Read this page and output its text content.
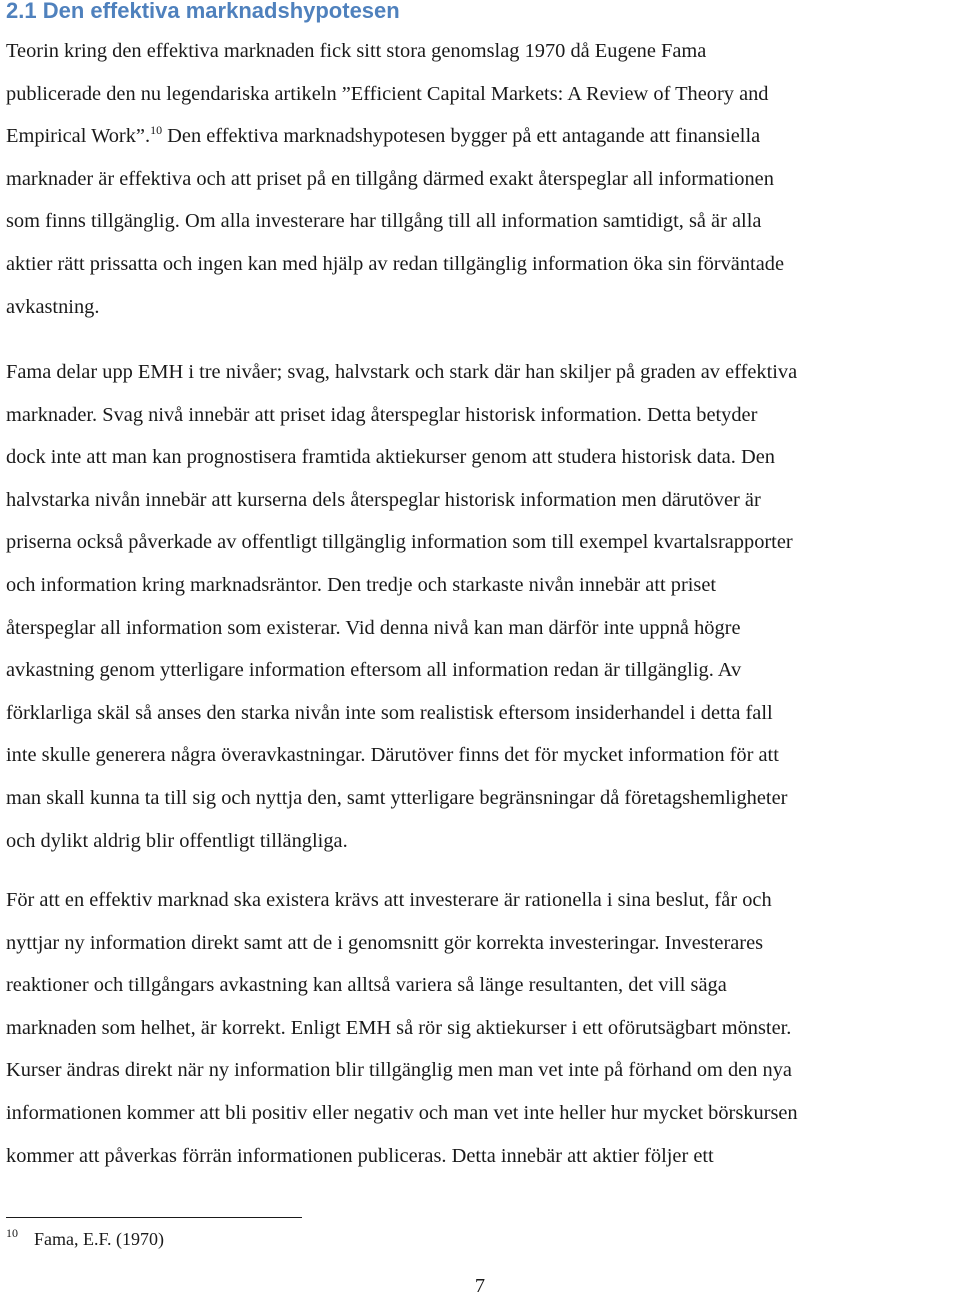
2.1 Den effektiva marknadshypotesen
Teorin kring den effektiva marknaden fick sitt stora genomslag 1970 då Eugene Fama
publicerade den nu legendariska artikeln ”Efficient Capital Markets: A Review of Theory and
Empirical Work”.$^{10}$ Den effektiva marknadshypotesen bygger på ett antagande att finansiella
marknader är effektiva och att priset på en tillgång därmed exakt återspeglar all informationen
som finns tillgänglig. Om alla investerare har tillgång till all information samtidigt, så är alla
aktier rätt prissatta och ingen kan med hjälp av redan tillgänglig information öka sin förväntade
avkastning.
Fama delar upp EMH i tre nivåer; svag, halvstark och stark där han skiljer på graden av effektiva
marknader. Svag nivå innebär att priset idag återspeglar historisk information. Detta betyder
dock inte att man kan prognostisera framtida aktiekurser genom att studera historisk data. Den
halvstarka nivån innebär att kurserna dels återspeglar historisk information men därutöver är
priserna också påverkade av offentligt tillgänglig information som till exempel kvartalsrapporter
och information kring marknadsräntor. Den tredje och starkaste nivån innebär att priset
återspeglar all information som existerar. Vid denna nivå kan man därför inte uppnå högre
avkastning genom ytterligare information eftersom all information redan är tillgänglig. Av
förklarliga skäl så anses den starka nivån inte som realistisk eftersom insiderhandel i detta fall
inte skulle generera några överavkastningar. Därutöver finns det för mycket information för att
man skall kunna ta till sig och nyttja den, samt ytterligare begränsningar då företagshemligheter
och dylikt aldrig blir offentligt tillängliga.
För att en effektiv marknad ska existera krävs att investerare är rationella i sina beslut, får och
nyttjar ny information direkt samt att de i genomsnitt gör korrekta investeringar. Investerares
reaktioner och tillgångars avkastning kan alltså variera så länge resultanten, det vill säga
marknaden som helhet, är korrekt. Enligt EMH så rör sig aktiekurser i ett oförutsägbart mönster.
Kurser ändras direkt när ny information blir tillgänglig men man vet inte på förhand om den nya
informationen kommer att bli positiv eller negativ och man vet inte heller hur mycket börskursen
kommer att påverkas förrän informationen publiceras. Detta innebär att aktier följer ett
10 Fama, E.F. (1970)
7
